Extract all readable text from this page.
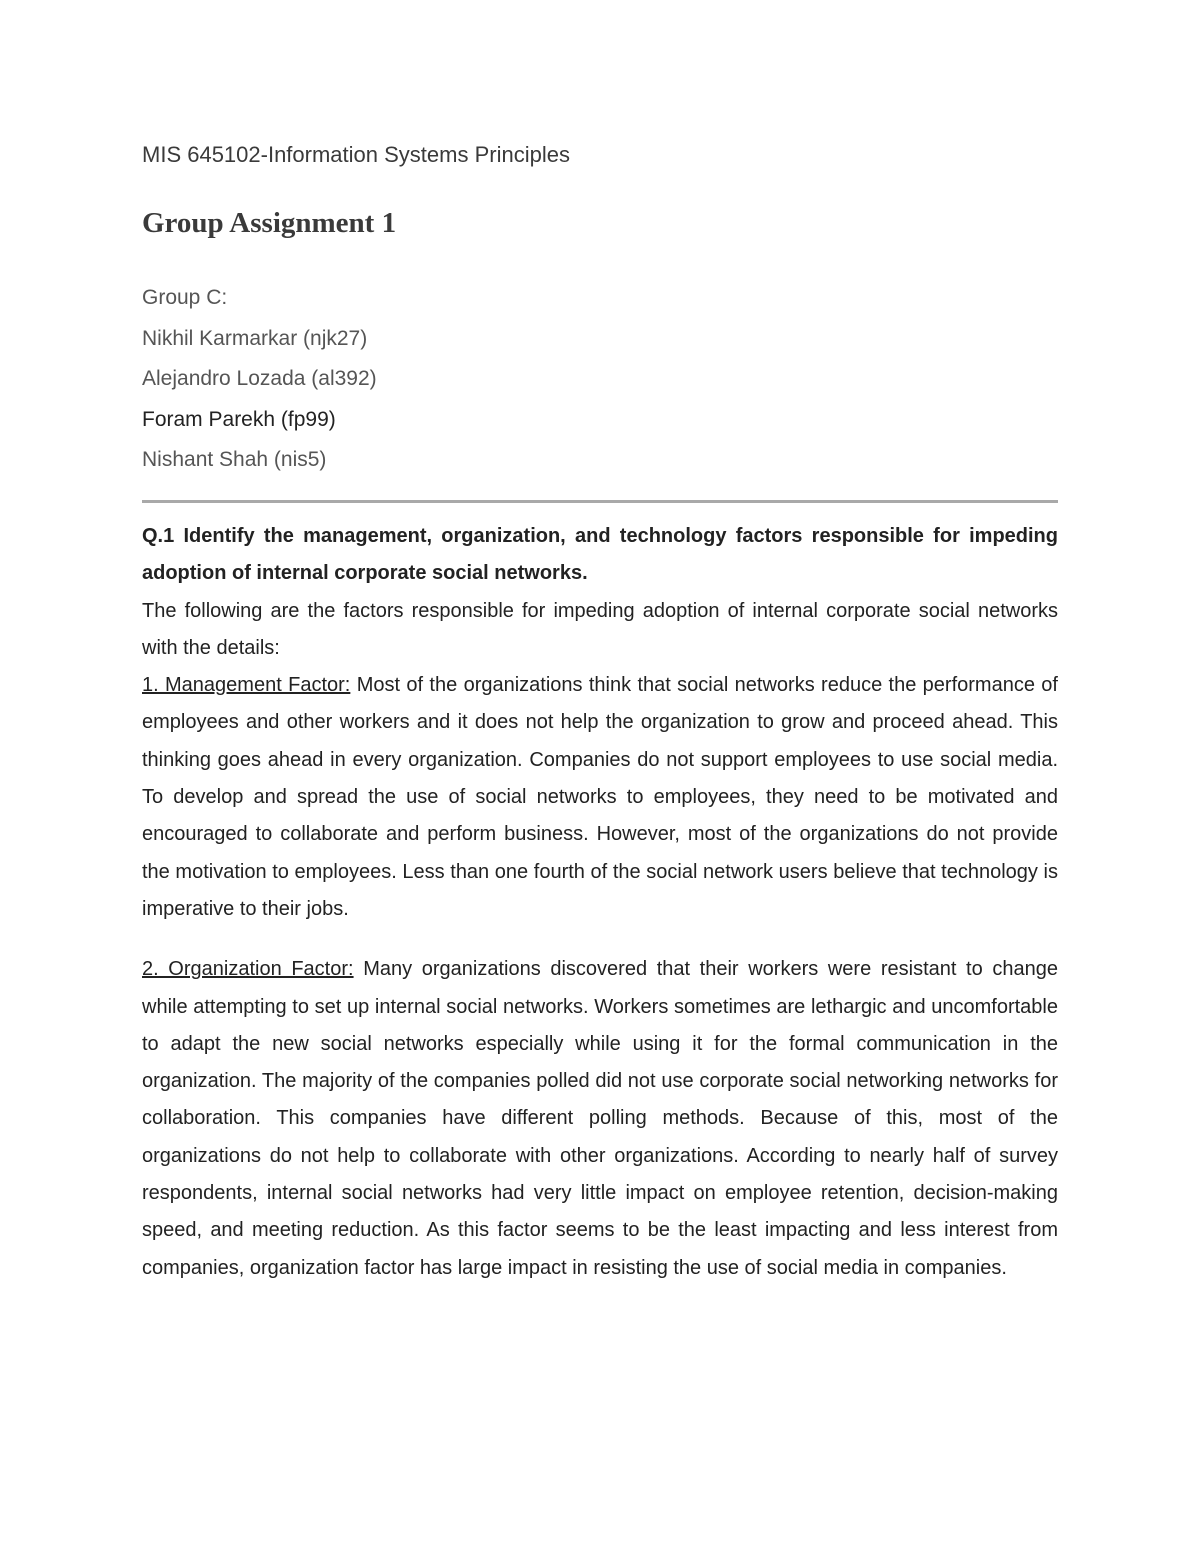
MIS 645102-Information Systems Principles
Group Assignment 1
Group C:
Nikhil Karmarkar (njk27)
Alejandro Lozada (al392)
Foram Parekh (fp99)
Nishant Shah (nis5)

Q.1 Identify the management, organization, and technology factors responsible for impeding adoption of internal corporate social networks.

The following are the factors responsible for impeding adoption of internal corporate social networks with the details:

1. Management Factor: Most of the organizations think that social networks reduce the performance of employees and other workers and it does not help the organization to grow and proceed ahead. This thinking goes ahead in every organization. Companies do not support employees to use social media. To develop and spread the use of social networks to employees, they need to be motivated and encouraged to collaborate and perform business. However, most of the organizations do not provide the motivation to employees. Less than one fourth of the social network users believe that technology is imperative to their jobs.

2. Organization Factor: Many organizations discovered that their workers were resistant to change while attempting to set up internal social networks. Workers sometimes are lethargic and uncomfortable to adapt the new social networks especially while using it for the formal communication in the organization. The majority of the companies polled did not use corporate social networking networks for collaboration. This companies have different polling methods. Because of this, most of the organizations do not help to collaborate with other organizations. According to nearly half of survey respondents, internal social networks had very little impact on employee retention, decision-making speed, and meeting reduction. As this factor seems to be the least impacting and less interest from companies, organization factor has large impact in resisting the use of social media in companies.
